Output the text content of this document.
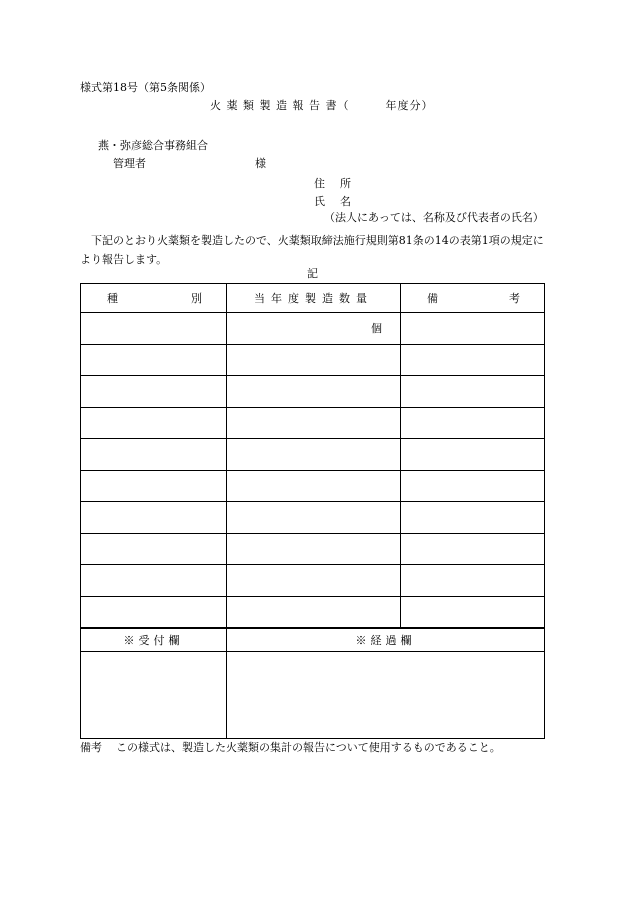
様式第18号（第5条関係）
火 薬 類 製 造 報 告 書（	年度分）
燕・弥彦総合事務組合
管理者	様
住　所
氏　名
（法人にあっては、名称及び代表者の氏名）
下記のとおり火薬類を製造したので、火薬類取締法施行規則第81条の14の表第1項の規定により報告します。
記
種 別	当年度製造数量	備 考

	個	

※受付欄	※経過欄

備考 この様式は、製造した火薬類の集計の報告について使用するものであること。
